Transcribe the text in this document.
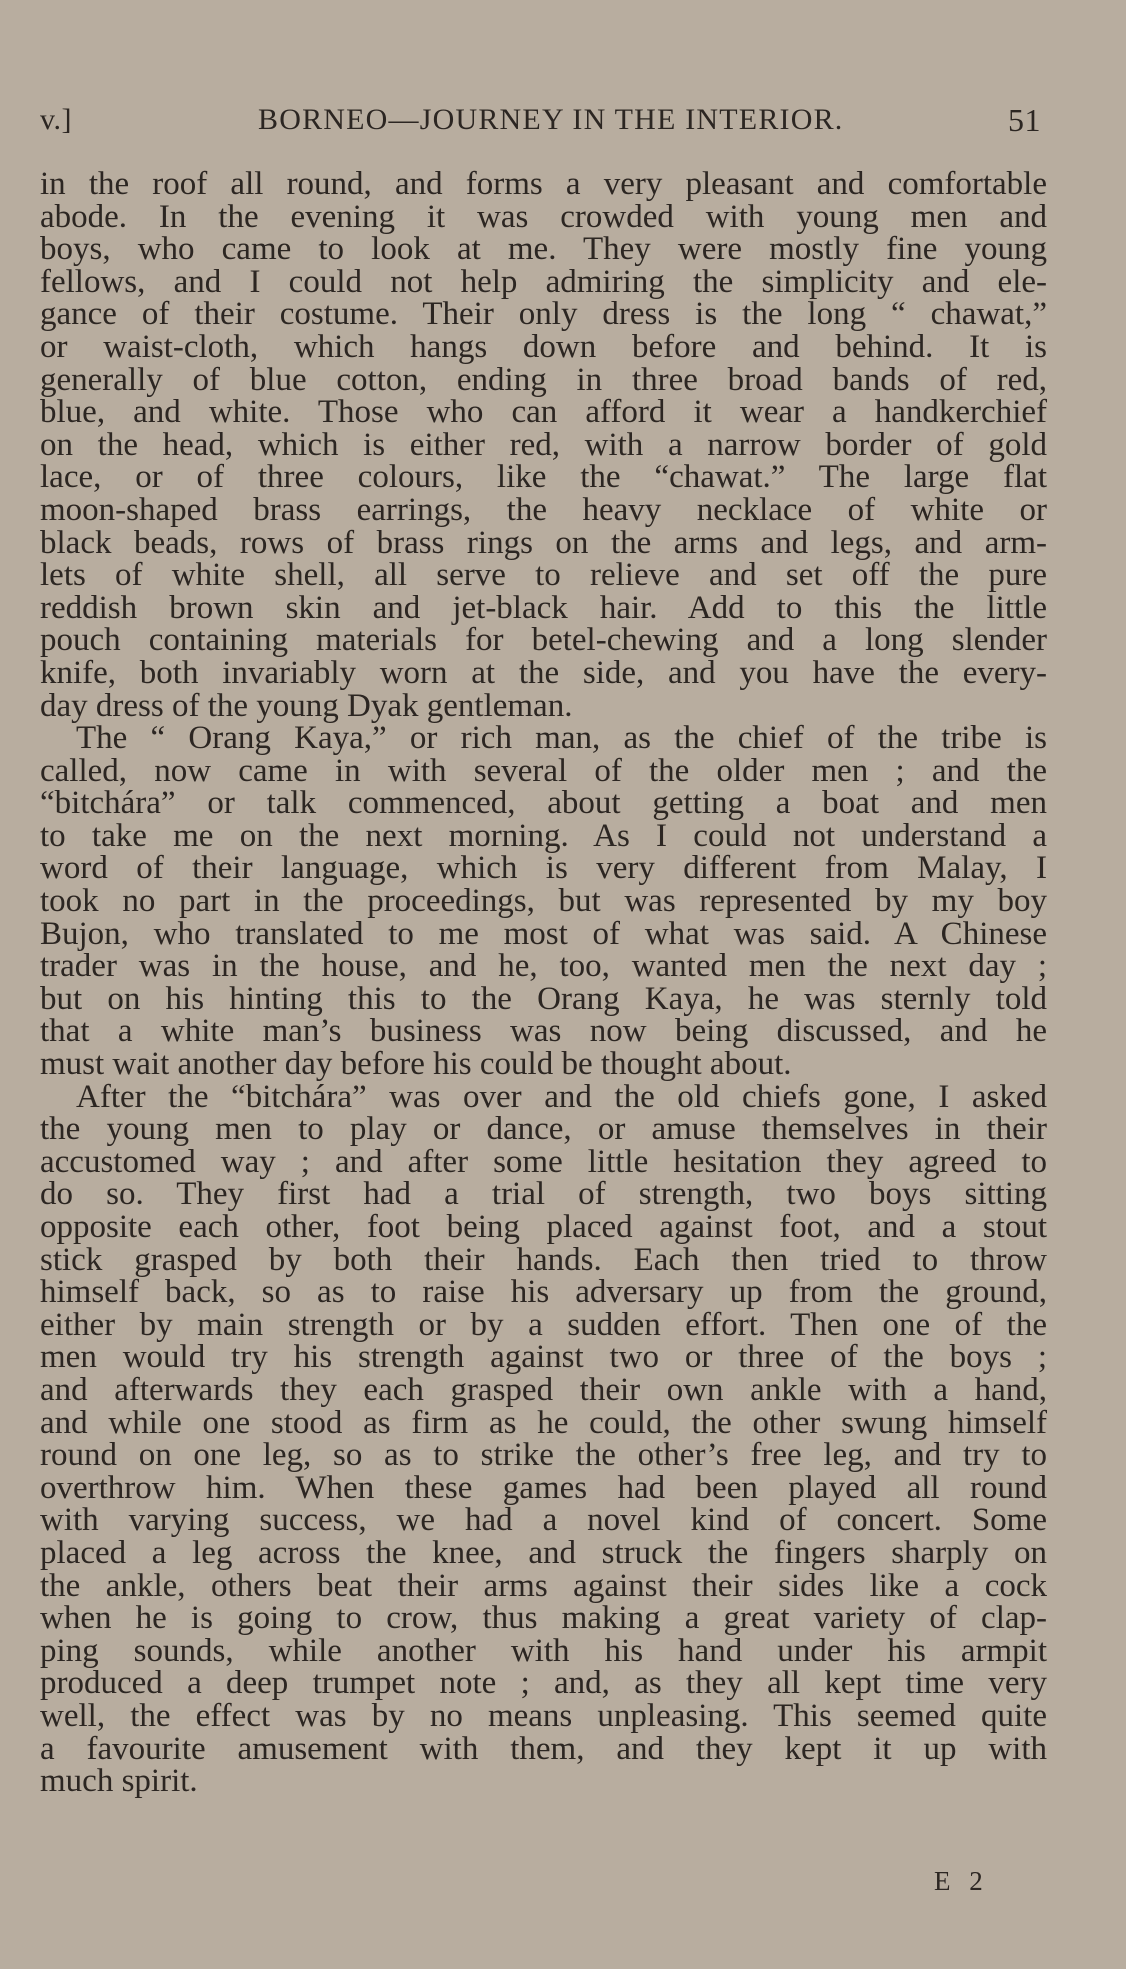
v.]	BORNEO—JOURNEY IN THE INTERIOR.	51
in the roof all round, and forms a very pleasant and comfortable
abode. In the evening it was crowded with young men and
boys, who came to look at me. They were mostly fine young
fellows, and I could not help admiring the simplicity and ele-
gance of their costume. Their only dress is the long “ chawat,”
or waist-cloth, which hangs down before and behind. It is
generally of blue cotton, ending in three broad bands of red,
blue, and white. Those who can afford it wear a handkerchief
on the head, which is either red, with a narrow border of gold
lace, or of three colours, like the “chawat.” The large flat
moon-shaped brass earrings, the heavy necklace of white or
black beads, rows of brass rings on the arms and legs, and arm-
lets of white shell, all serve to relieve and set off the pure
reddish brown skin and jet-black hair. Add to this the little
pouch containing materials for betel-chewing and a long slender
knife, both invariably worn at the side, and you have the every-
day dress of the young Dyak gentleman.
The “ Orang Kaya,” or rich man, as the chief of the tribe is
called, now came in with several of the older men ; and the
“bitchára” or talk commenced, about getting a boat and men
to take me on the next morning. As I could not understand a
word of their language, which is very different from Malay, I
took no part in the proceedings, but was represented by my boy
Bujon, who translated to me most of what was said. A Chinese
trader was in the house, and he, too, wanted men the next day ;
but on his hinting this to the Orang Kaya, he was sternly told
that a white man’s business was now being discussed, and he
must wait another day before his could be thought about.
After the “bitchára” was over and the old chiefs gone, I asked
the young men to play or dance, or amuse themselves in their
accustomed way ; and after some little hesitation they agreed to
do so. They first had a trial of strength, two boys sitting
opposite each other, foot being placed against foot, and a stout
stick grasped by both their hands. Each then tried to throw
himself back, so as to raise his adversary up from the ground,
either by main strength or by a sudden effort. Then one of the
men would try his strength against two or three of the boys ;
and afterwards they each grasped their own ankle with a hand,
and while one stood as firm as he could, the other swung himself
round on one leg, so as to strike the other’s free leg, and try to
overthrow him. When these games had been played all round
with varying success, we had a novel kind of concert. Some
placed a leg across the knee, and struck the fingers sharply on
the ankle, others beat their arms against their sides like a cock
when he is going to crow, thus making a great variety of clap-
ping sounds, while another with his hand under his armpit
produced a deep trumpet note ; and, as they all kept time very
well, the effect was by no means unpleasing. This seemed quite
a favourite amusement with them, and they kept it up with
much spirit.
E 2
